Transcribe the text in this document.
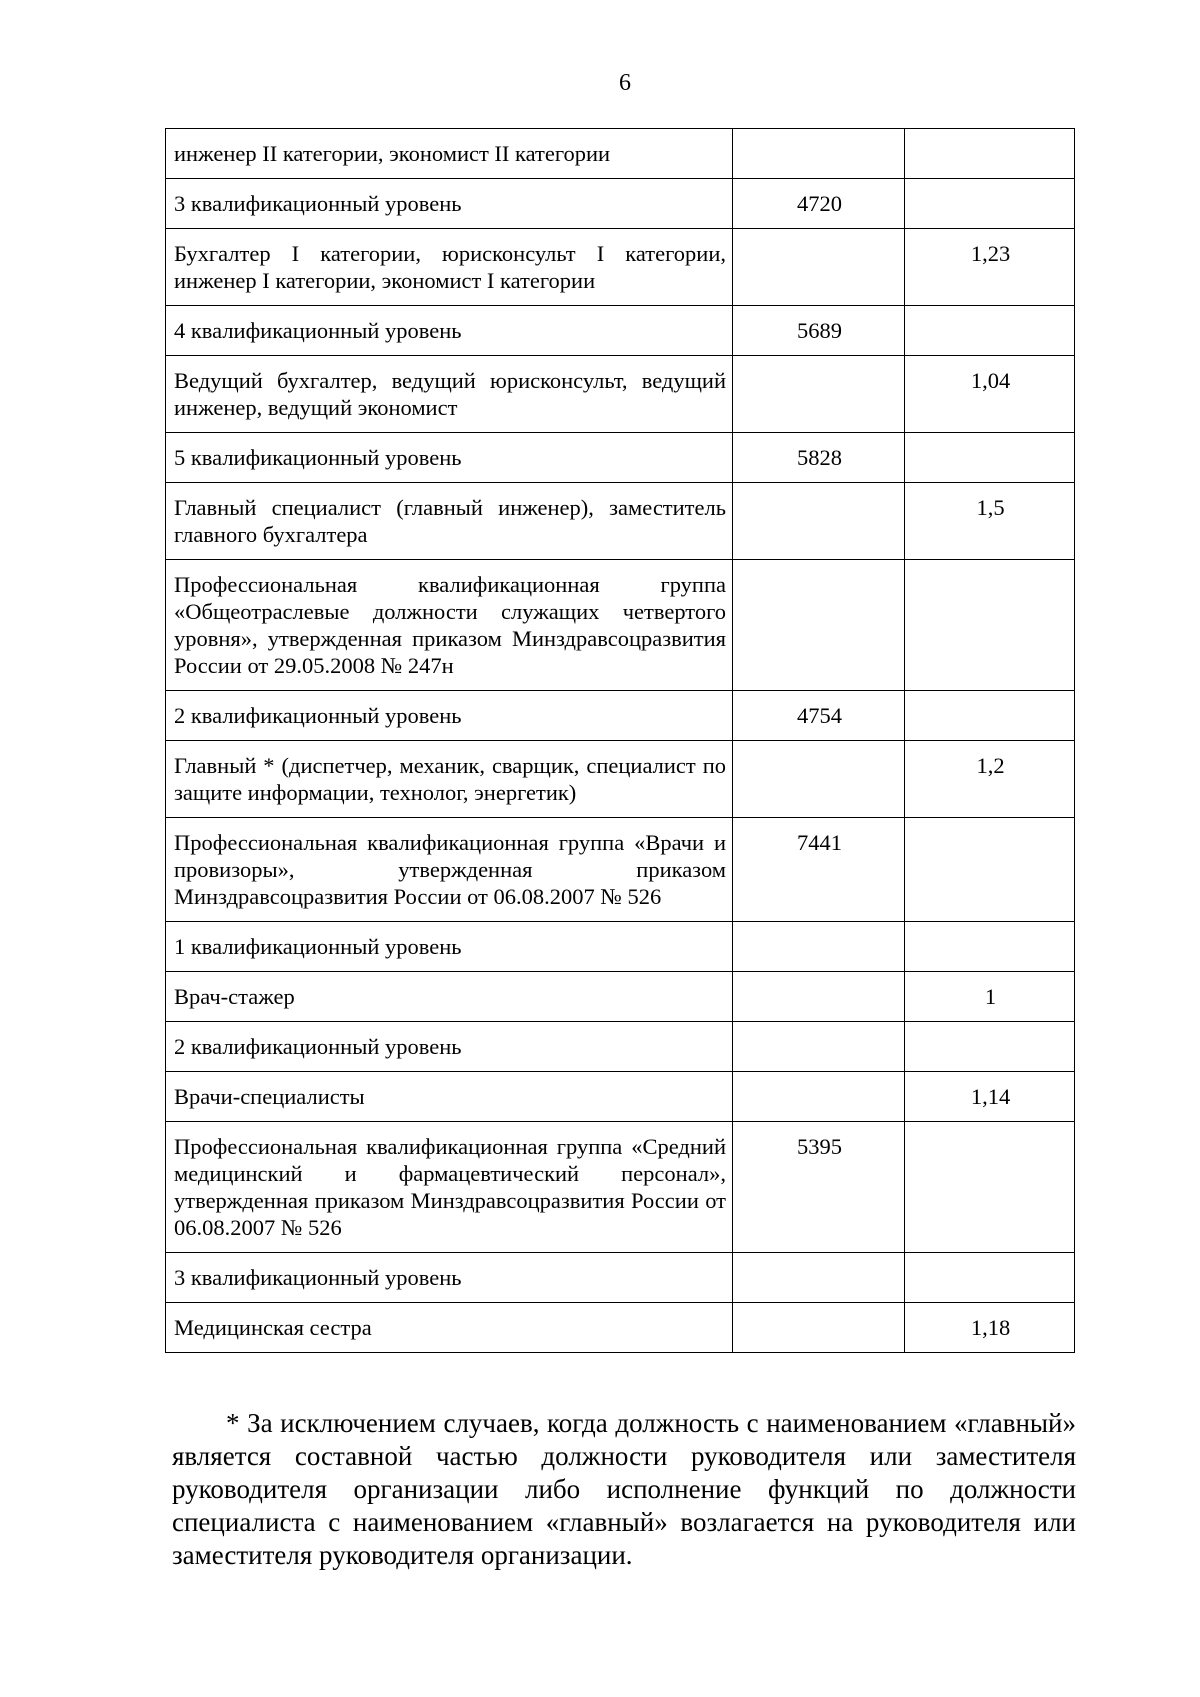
6
инженер II категории, экономист II категории		
3 квалификационный уровень	4720	
Бухгалтер I категории, юрисконсульт I категории, инженер I категории, экономист I категории		1,23
4 квалификационный уровень	5689	
Ведущий бухгалтер, ведущий юрисконсульт, ведущий инженер, ведущий экономист		1,04
5 квалификационный уровень	5828	
Главный специалист (главный инженер), заместитель главного бухгалтера		1,5
Профессиональная квалификационная группа «Общеотраслевые должности служащих четвертого уровня», утвержденная приказом Минздравсоцразвития России от 29.05.2008 № 247н		
2 квалификационный уровень	4754	
Главный * (диспетчер, механик, сварщик, специалист по защите информации, технолог, энергетик)		1,2
Профессиональная квалификационная группа «Врачи и провизоры», утвержденная приказом Минздравсоцразвития России от 06.08.2007 № 526	7441	
1 квалификационный уровень		
Врач-стажер		1
2 квалификационный уровень		
Врачи-специалисты		1,14
Профессиональная квалификационная группа «Средний медицинский и фармацевтический персонал», утвержденная приказом Минздравсоцразвития России от 06.08.2007 № 526	5395	
3 квалификационный уровень		
Медицинская сестра		1,18

* За исключением случаев, когда должность с наименованием «главный» является составной частью должности руководителя или заместителя руководителя организации либо исполнение функций по должности специалиста с наименованием «главный» возлагается на руководителя или заместителя руководителя организации.
